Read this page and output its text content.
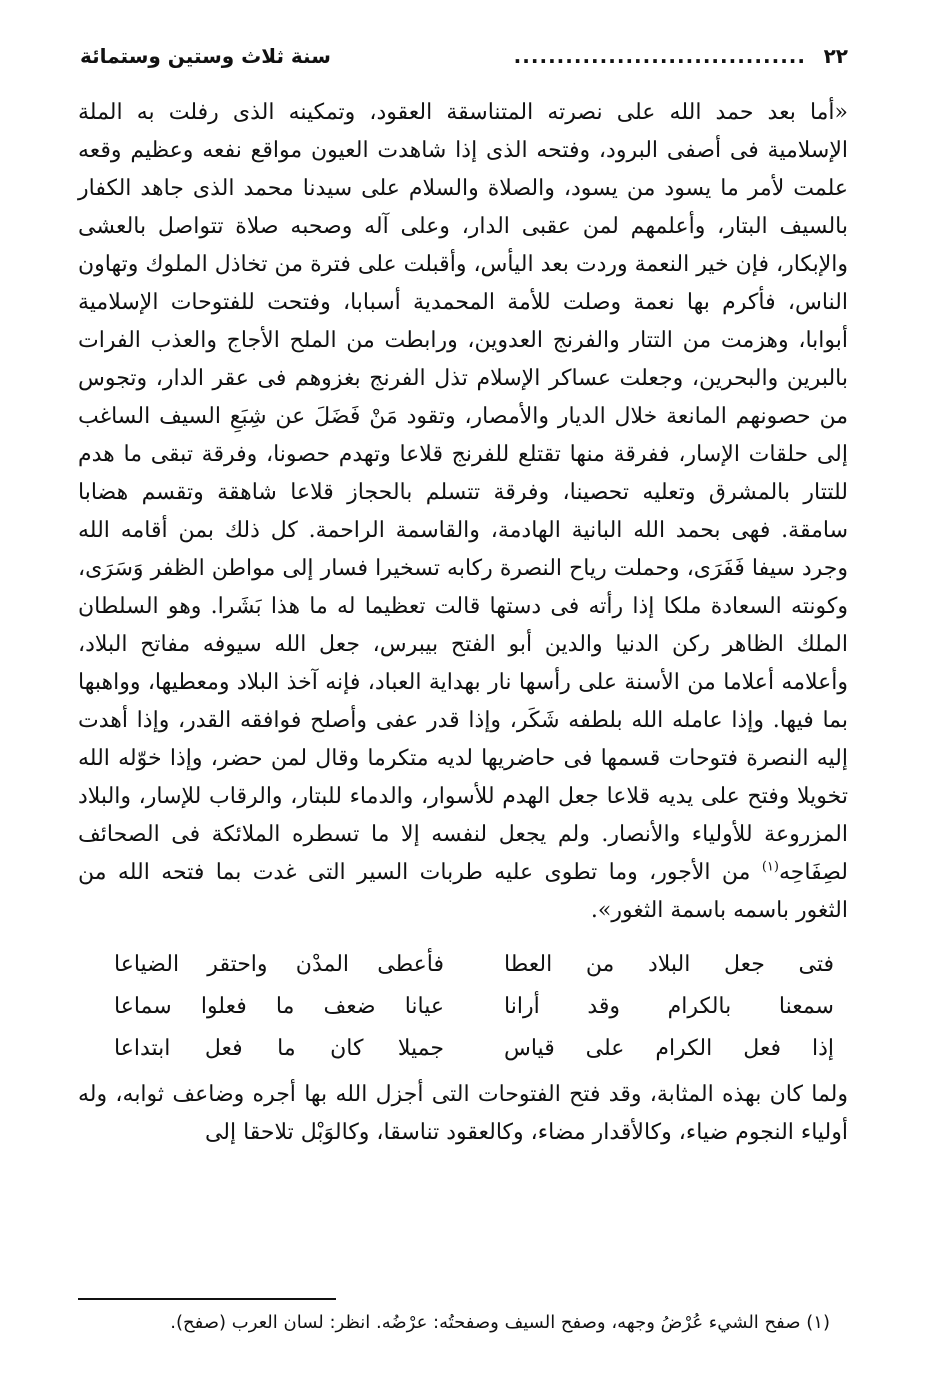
٢٢
..................................
سنة ثلاث وستين وستمائة

«أما بعد حمد الله على نصرته المتناسقة العقود، وتمكينه الذى رفلت به الملة الإسلامية فى أصفى البرود، وفتحه الذى إذا شاهدت العيون مواقع نفعه وعظيم وقعه علمت لأمر ما يسود من يسود، والصلاة والسلام على سيدنا محمد الذى جاهد الكفار بالسيف البتار، وأعلمهم لمن عقبى الدار، وعلى آله وصحبه صلاة تتواصل بالعشى والإبكار، فإن خير النعمة وردت بعد اليأس، وأقبلت على فترة من تخاذل الملوك وتهاون الناس، فأكرم بها نعمة وصلت للأمة المحمدية أسبابا، وفتحت للفتوحات الإسلامية أبوابا، وهزمت من التتار والفرنج العدوين، ورابطت من الملح الأجاج والعذب الفرات بالبرين والبحرين، وجعلت عساكر الإسلام تذل الفرنج بغزوهم فى عقر الدار، وتجوس من حصونهم المانعة خلال الديار والأمصار، وتقود مَنْ فَضَلَ عن شِبَعِ السيف الساغب إلى حلقات الإسار، ففرقة منها تقتلع للفرنج قلاعا وتهدم حصونا، وفرقة تبقى ما هدم للتتار بالمشرق وتعليه تحصينا، وفرقة تتسلم بالحجاز قلاعا شاهقة وتقسم هضابا سامقة. فهى بحمد الله البانية الهادمة، والقاسمة الراحمة. كل ذلك بمن أقامه الله وجرد سيفا فَفَرَى، وحملت رياح النصرة ركابه تسخيرا فسار إلى مواطن الظفر وَسَرَى، وكونته السعادة ملكا إذا رأته فى دستها قالت تعظيما له ما هذا بَشَرا. وهو السلطان الملك الظاهر ركن الدنيا والدين أبو الفتح بيبرس، جعل الله سيوفه مفاتح البلاد، وأعلامه أعلاما من الأسنة على رأسها نار بهداية العباد، فإنه آخذ البلاد ومعطيها، وواهبها بما فيها. وإذا عامله الله بلطفه شَكَر، وإذا قدر عفى وأصلح فوافقه القدر، وإذا أهدت إليه النصرة فتوحات قسمها فى حاضريها لديه متكرما وقال لمن حضر، وإذا خوّله الله تخويلا وفتح على يديه قلاعا جعل الهدم للأسوار، والدماء للبتار، والرقاب للإسار، والبلاد المزروعة للأولياء والأنصار. ولم يجعل لنفسه إلا ما تسطره الملائكة فى الصحائف لصِفَاحِه$^{(١)}$ من الأجور، وما تطوى عليه طربات السير التى غدت بما فتحه الله من الثغور باسمه باسمة الثغور».

فتى جعل البلاد من العطا
فأعطى المدْن واحتقر الضياعا
سمعنا بالكرام وقد أرانا
عيانا ضعف ما فعلوا سماعا
إذا فعل الكرام على قياس
جميلا كان ما فعل ابتداعا

ولما كان بهذه المثابة، وقد فتح الفتوحات التى أجزل الله بها أجره وضاعف ثوابه، وله أولياء النجوم ضياء، وكالأقدار مضاء، وكالعقود تناسقا، وكالوَبْل تلاحقا إلى

(١) صفح الشيء عُرْضُ وجهه، وصفح السيف وصفحتُه: عرْضُه. انظر: لسان العرب (صفح).
